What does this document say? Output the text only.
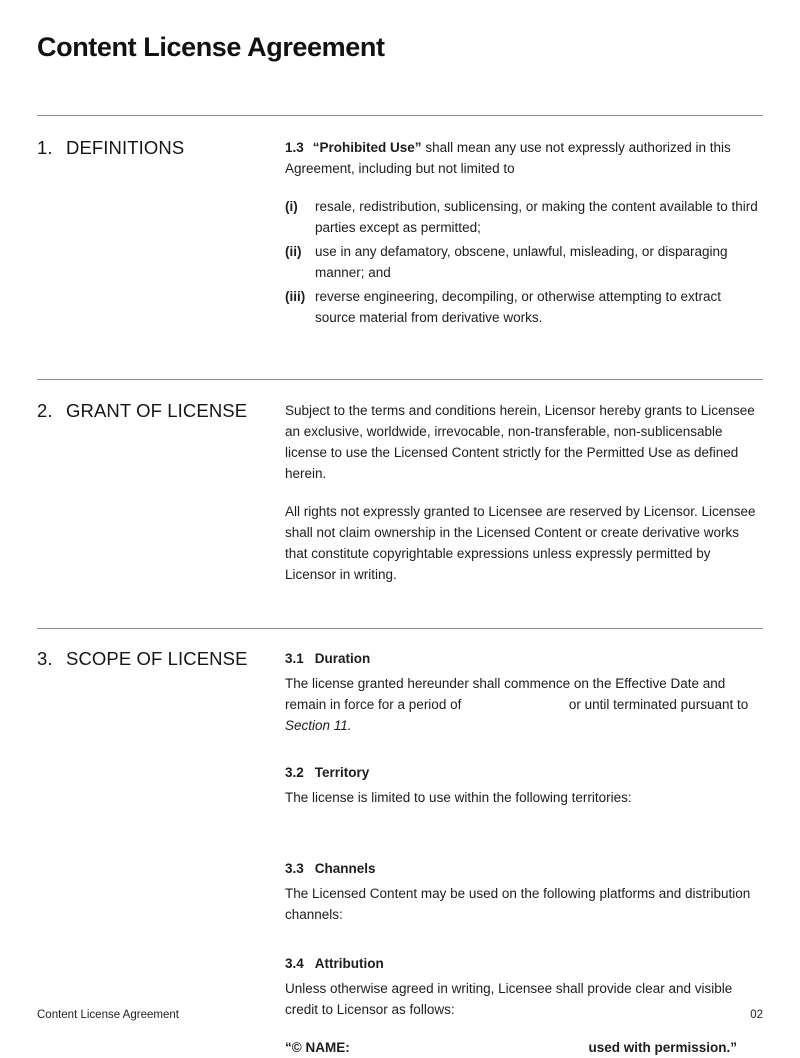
Content License Agreement
1. DEFINITIONS	1.3 “Prohibited Use” shall mean any use not expressly authorized in this Agreement, including but not limited to

(i)	resale, redistribution, sublicensing, or making the content available to third parties except as permitted;
(ii)	use in any defamatory, obscene, unlawful, misleading, or disparaging manner; and
(iii) reverse engineering, decompiling, or otherwise attempting to extract source material from derivative works.
2. GRANT OF LICENSE	Subject to the terms and conditions herein, Licensor hereby grants to Licensee an exclusive, worldwide, irrevocable, non-transferable, non-sublicensable license to use the Licensed Content strictly for the Permitted Use as defined herein.

All rights not expressly granted to Licensee are reserved by Licensor. Licensee shall not claim ownership in the Licensed Content or create derivative works that constitute copyrightable expressions unless expressly permitted by Licensor in writing.

3. SCOPE OF LICENSE	3.1 Duration

The license granted hereunder shall commence on the Effective Date and remain in force for a period of	or until terminated pursuant to Section 11.

3.2 Territory

The license is limited to use within the following territories:

3.3 Channels

The Licensed Content may be used on the following platforms and distribution channels:

3.4 Attribution

Unless otherwise agreed in writing, Licensee shall provide clear and visible credit to Licensor as follows:

“© NAME:	used with permission.”
Content License Agreement	02
